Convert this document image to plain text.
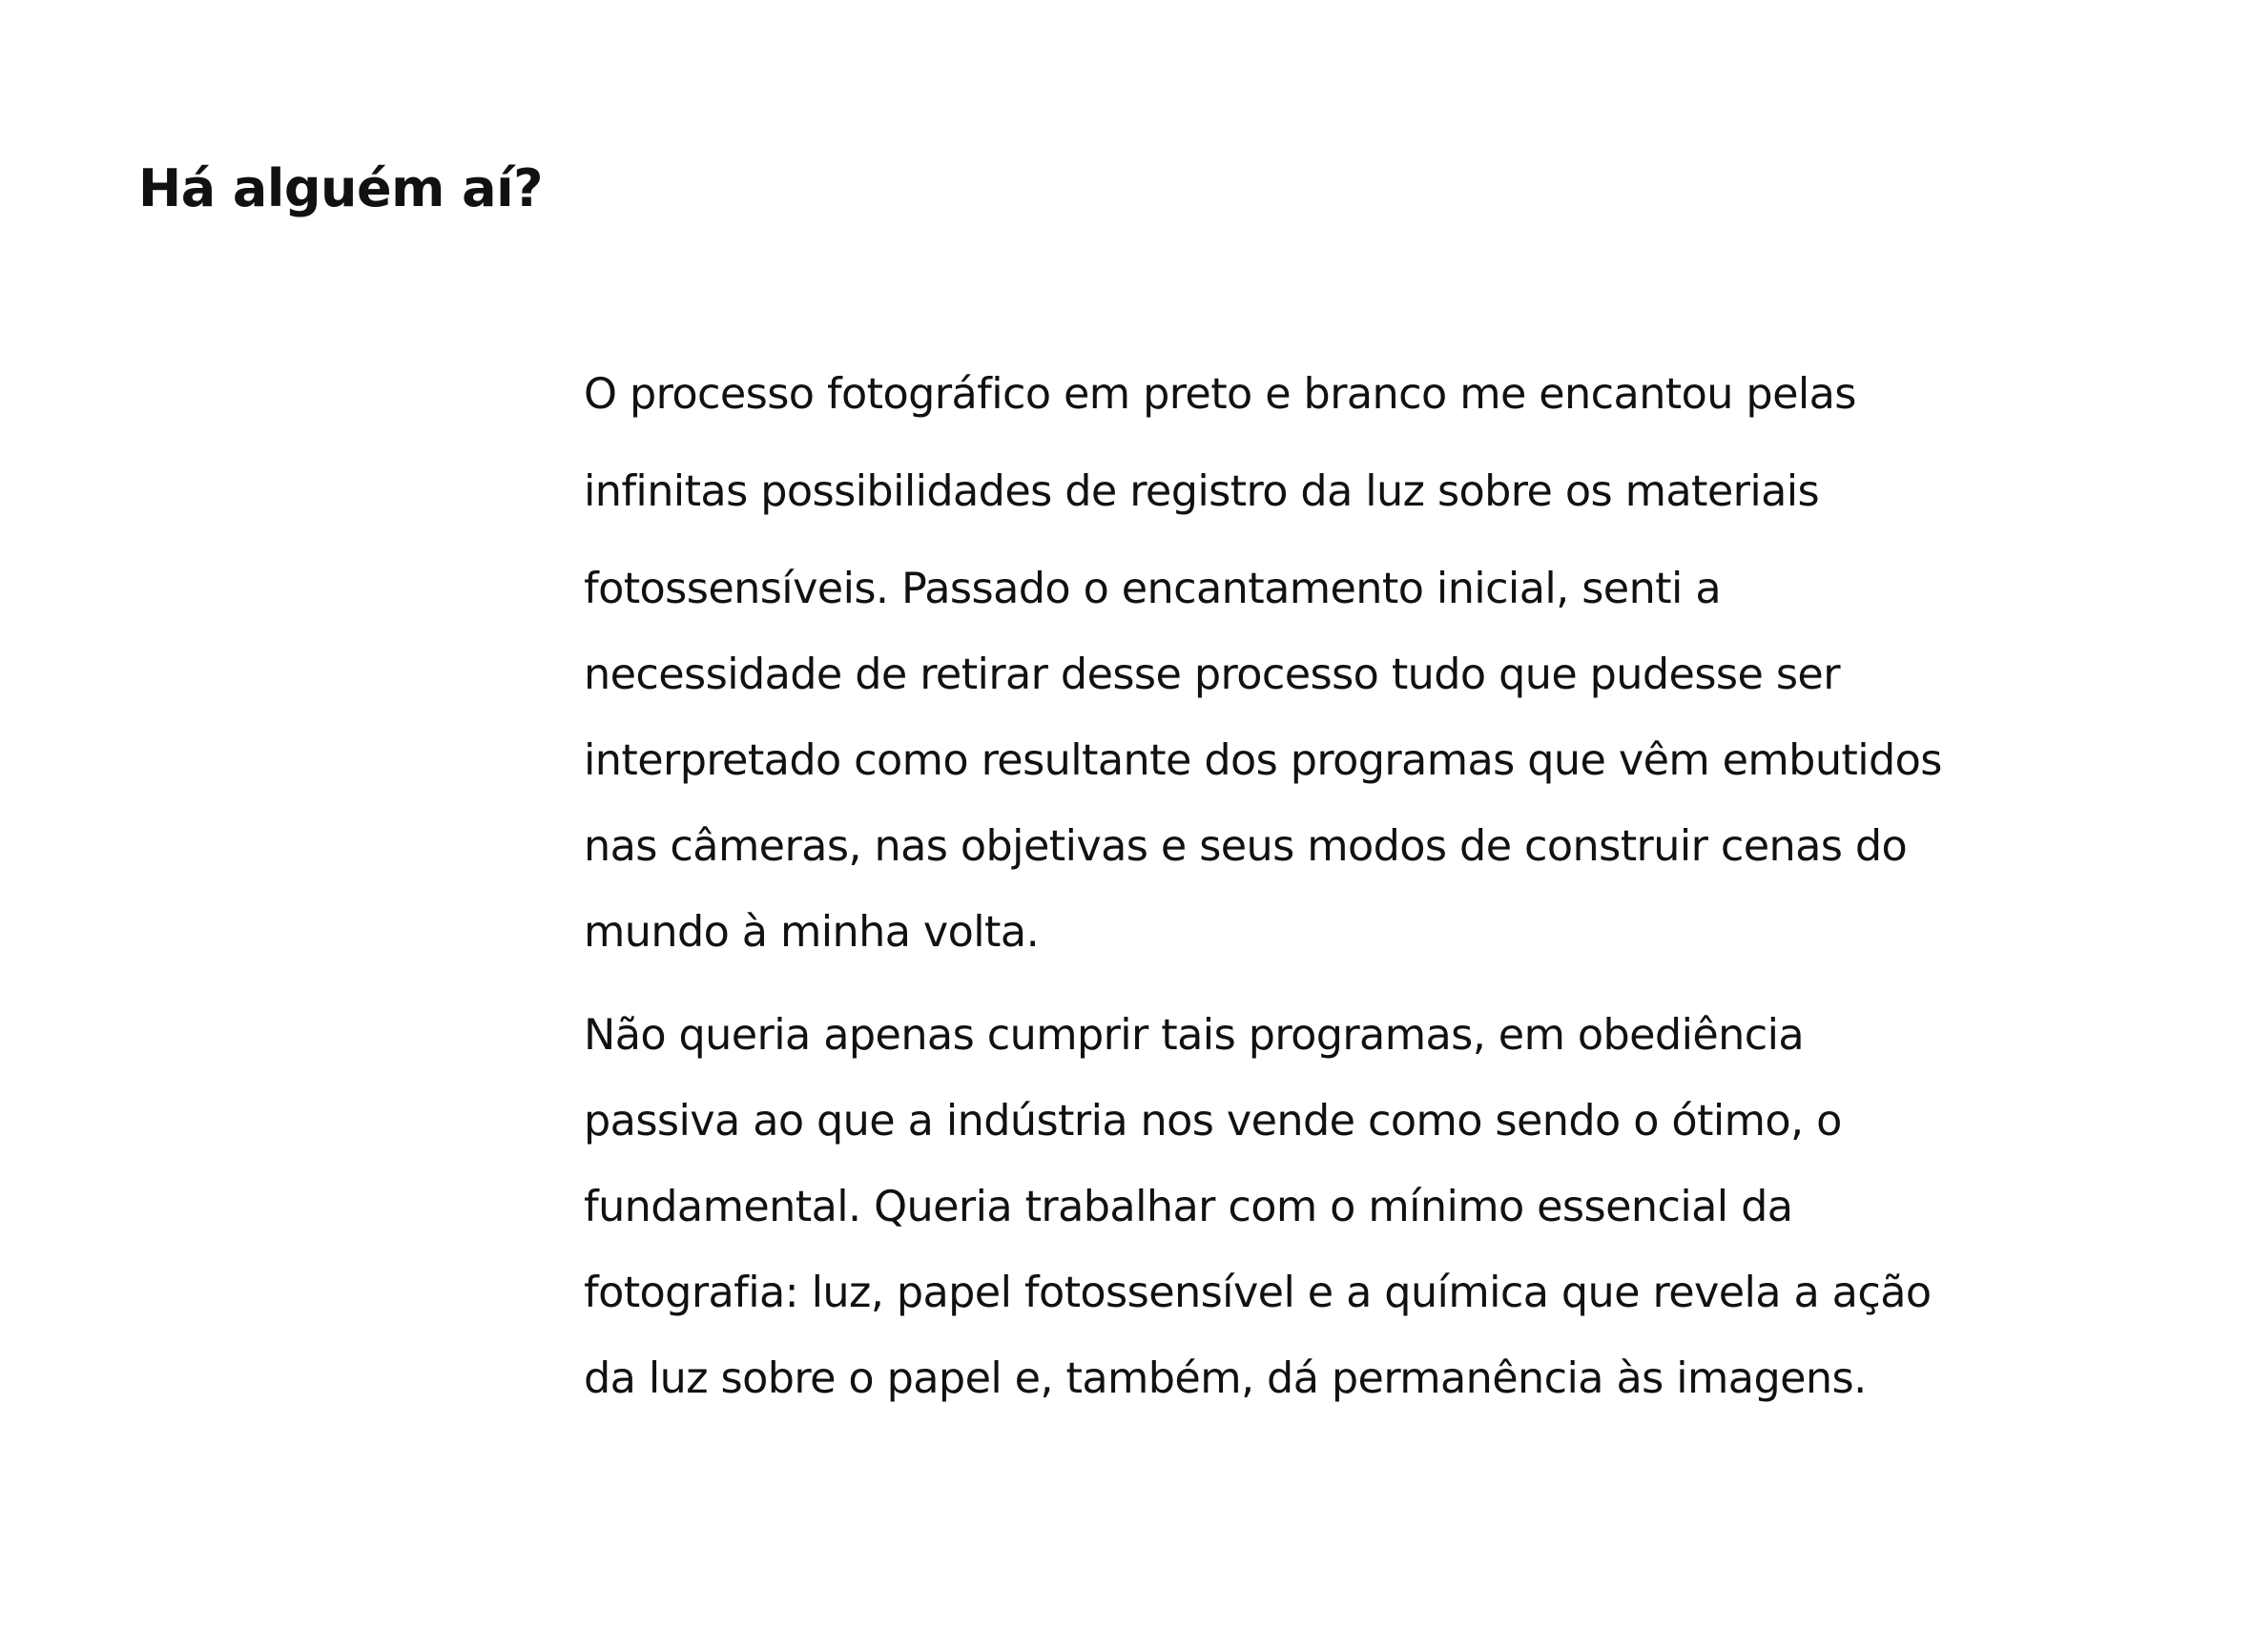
Há alguém aí?
O processo fotográfico em preto e branco me encantou pelas
infinitas possibilidades de registro da luz sobre os materiais
fotossensíveis. Passado o encantamento inicial, senti a
necessidade de retirar desse processo tudo que pudesse ser
interpretado como resultante dos programas que vêm embutidos
nas câmeras, nas objetivas e seus modos de construir cenas do
mundo à minha volta.
Não queria apenas cumprir tais programas, em obediência
passiva ao que a indústria nos vende como sendo o ótimo, o
fundamental. Queria trabalhar com o mínimo essencial da
fotografia: luz, papel fotossensível e a química que revela a ação
da luz sobre o papel e, também, dá permanência às imagens.
